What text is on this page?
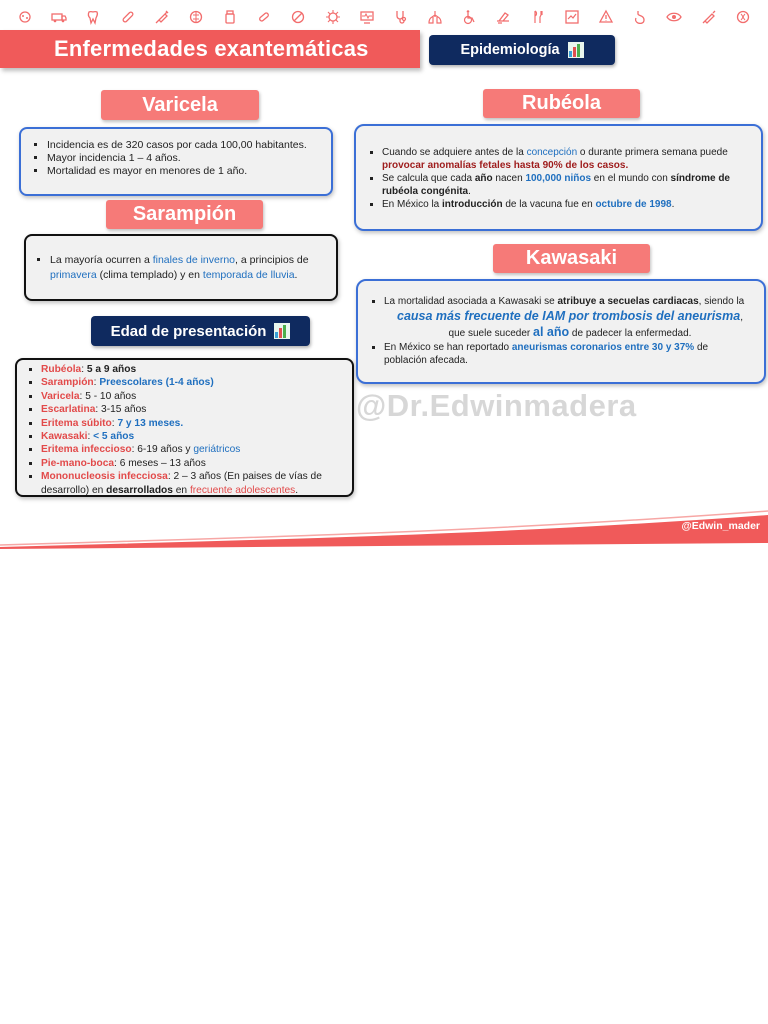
Enfermedades exantemáticas	Epidemiología
Varicela
▪ Incidencia es de 320 casos por cada 100,00 habitantes.
▪ Mayor incidencia 1 – 4 años.
▪ Mortalidad es mayor en menores de 1 año.
Sarampión
▪ La mayoría ocurren a finales de inverno, a principios de
primavera (clima templado) y en temporada de lluvia.
Edad de presentación
▪ Rubéola: 5 a 9 años
▪ Sarampión: Preescolares (1-4 años)
▪ Varicela: 5 - 10 años
▪ Escarlatina: 3-15 años
▪ Eritema súbito: 7 y 13 meses.
▪ Kawasaki: < 5 años
▪ Eritema infeccioso: 6-19 años y geriátricos
▪ Pie-mano-boca: 6 meses – 13 años
▪ Mononucleosis infecciosa: 2 – 3 años (En paises de vías de
desarrollo) en desarrollados en frecuente adolescentes.
Rubéola
▪ Cuando se adquiere antes de la concepción o durante primera semana puede
provocar anomalías fetales hasta 90% de los casos.
▪ Se calcula que cada año nacen 100,000 niños en el mundo con síndrome de
rubéola congénita.
▪ En México la introducción de la vacuna fue en octubre de 1998.
Kawasaki
▪ La mortalidad asociada a Kawasaki se atribuye a secuelas cardiacas, siendo la

causa más frecuente de IAM por trombosis del aneurisma,
que suele suceder al año de padecer la enfermedad.
▪ En México se han reportado aneurismas coronarios entre 30 y 37% de
población afecada.
@Dr.Edwinmadera
@Edwin_mader
